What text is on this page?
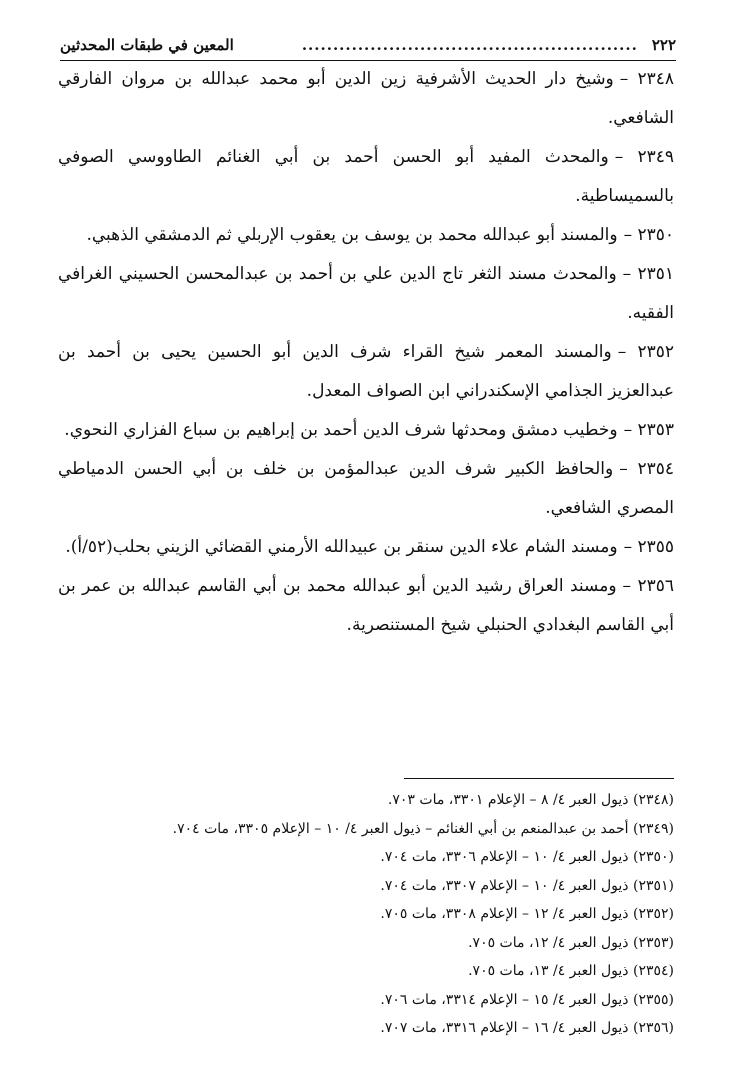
٢٢٢
......................................................
المعين في طبقات المحدثين

٢٣٤٨ –وشيخ دار الحديث الأشرفية زين الدين أبو محمد عبدالله بن مروان الفارقي الشافعي.

٢٣٤٩ –والمحدث المفيد أبو الحسن أحمد بن أبي الغنائم الطاووسي الصوفي بالسميساطية.

٢٣٥٠ –والمسند أبو عبدالله محمد بن يوسف بن يعقوب الإربلي ثم الدمشقي الذهبي.

٢٣٥١ –والمحدث مسند الثغر تاج الدين علي بن أحمد بن عبدالمحسن الحسيني الغرافي الفقيه.

٢٣٥٢ –والمسند المعمر شيخ القراء شرف الدين أبو الحسين يحيى بن أحمد بن عبدالعزيز الجذامي الإسكندراني ابن الصواف المعدل.

٢٣٥٣ –وخطيب دمشق ومحدثها شرف الدين أحمد بن إبراهيم بن سباع الفزاري النحوي.

٢٣٥٤ –والحافظ الكبير شرف الدين عبدالمؤمن بن خلف بن أبي الحسن الدمياطي المصري الشافعي.

٢٣٥٥ –ومسند الشام علاء الدين سنقر بن عبيدالله الأرمني القضائي الزيني بحلب(٥٢/أ).

٢٣٥٦ –ومسند العراق رشيد الدين أبو عبدالله محمد بن أبي القاسم عبدالله بن عمر بن أبي القاسم البغدادي الحنبلي شيخ المستنصرية.

(٢٣٤٨) ذيول العبر ٤/ ٨ – الإعلام ٣٣٠١، مات ٧٠٣.

(٢٣٤٩) أحمد بن عبدالمنعم بن أبي الغنائم – ذيول العبر ٤/ ١٠ – الإعلام ٣٣٠٥، مات ٧٠٤.

(٢٣٥٠) ذيول العبر ٤/ ١٠ – الإعلام ٣٣٠٦، مات ٧٠٤.

(٢٣٥١) ذيول العبر ٤/ ١٠ – الإعلام ٣٣٠٧، مات ٧٠٤.

(٢٣٥٢) ذيول العبر ٤/ ١٢ – الإعلام ٣٣٠٨، مات ٧٠٥.

(٢٣٥٣) ذيول العبر ٤/ ١٢، مات ٧٠٥.

(٢٣٥٤) ذيول العبر ٤/ ١٣، مات ٧٠٥.

(٢٣٥٥) ذيول العبر ٤/ ١٥ – الإعلام ٣٣١٤، مات ٧٠٦.

(٢٣٥٦) ذيول العبر ٤/ ١٦ – الإعلام ٣٣١٦، مات ٧٠٧.
